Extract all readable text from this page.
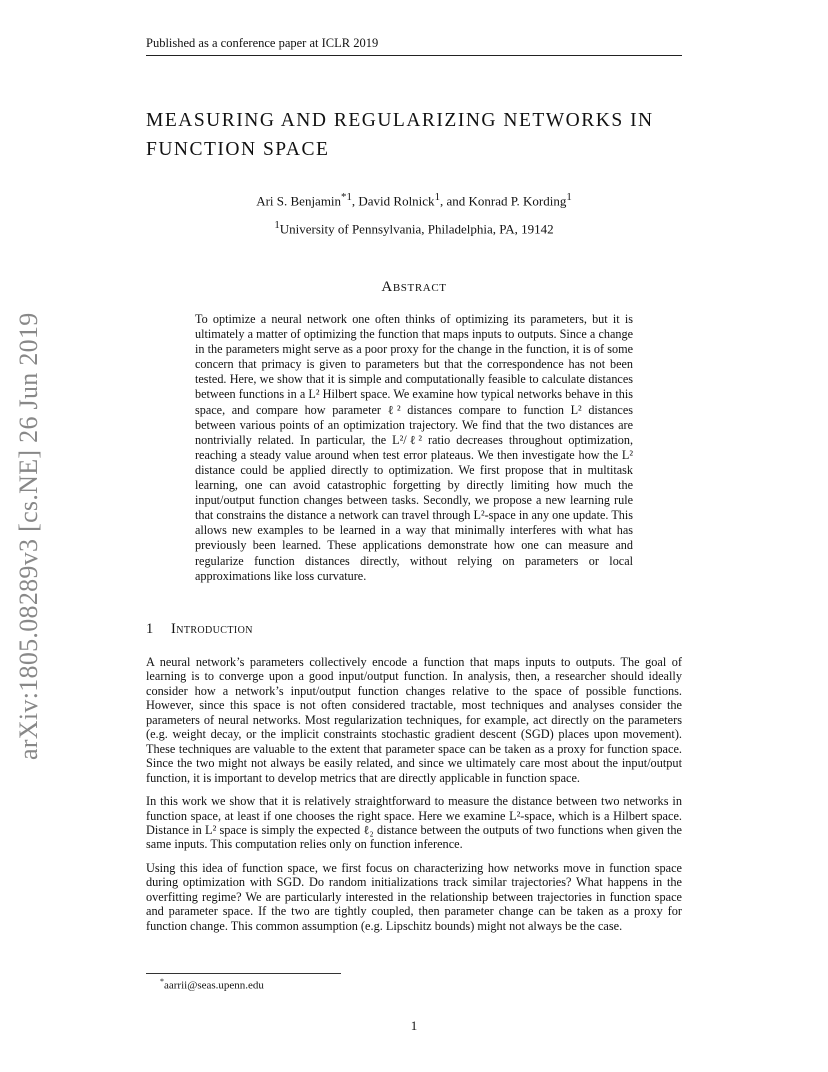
Published as a conference paper at ICLR 2019
arXiv:1805.08289v3 [cs.NE] 26 Jun 2019
MEASURING AND REGULARIZING NETWORKS IN
FUNCTION SPACE
Ari S. Benjamin$^{*1}$, David Rolnick$^1$, and Konrad P. Kording$^1$
$^1$University of Pennsylvania, Philadelphia, PA, 19142
Abstract
To optimize a neural network one often thinks of optimizing its parameters, but it is ultimately a matter of optimizing the function that maps inputs to outputs. Since a change in the parameters might serve as a poor proxy for the change in the function, it is of some concern that primacy is given to parameters but that the correspondence has not been tested. Here, we show that it is simple and computationally feasible to calculate distances between functions in a L² Hilbert space. We examine how typical networks behave in this space, and compare how parameter ℓ² distances compare to function L² distances between various points of an optimization trajectory. We find that the two distances are nontrivially related. In particular, the L²/ℓ² ratio decreases throughout optimization, reaching a steady value around when test error plateaus. We then investigate how the L² distance could be applied directly to optimization. We first propose that in multitask learning, one can avoid catastrophic forgetting by directly limiting how much the input/output function changes between tasks. Secondly, we propose a new learning rule that constrains the distance a network can travel through L²-space in any one update. This allows new examples to be learned in a way that minimally interferes with what has previously been learned. These applications demonstrate how one can measure and regularize function distances directly, without relying on parameters or local approximations like loss curvature.
1 Introduction

A neural network’s parameters collectively encode a function that maps inputs to outputs. The goal of learning is to converge upon a good input/output function. In analysis, then, a researcher should ideally consider how a network’s input/output function changes relative to the space of possible functions. However, since this space is not often considered tractable, most techniques and analyses consider the parameters of neural networks. Most regularization techniques, for example, act directly on the parameters (e.g. weight decay, or the implicit constraints stochastic gradient descent (SGD) places upon movement). These techniques are valuable to the extent that parameter space can be taken as a proxy for function space. Since the two might not always be easily related, and since we ultimately care most about the input/output function, it is important to develop metrics that are directly applicable in function space.

In this work we show that it is relatively straightforward to measure the distance between two networks in function space, at least if one chooses the right space. Here we examine L²-space, which is a Hilbert space. Distance in L² space is simply the expected ℓ₂ distance between the outputs of two functions when given the same inputs. This computation relies only on function inference.

Using this idea of function space, we first focus on characterizing how networks move in function space during optimization with SGD. Do random initializations track similar trajectories? What happens in the overfitting regime? We are particularly interested in the relationship between trajectories in function space and parameter space. If the two are tightly coupled, then parameter change can be taken as a proxy for function change. This common assumption (e.g. Lipschitz bounds) might not always be the case.

*aarrii@seas.upenn.edu
1
